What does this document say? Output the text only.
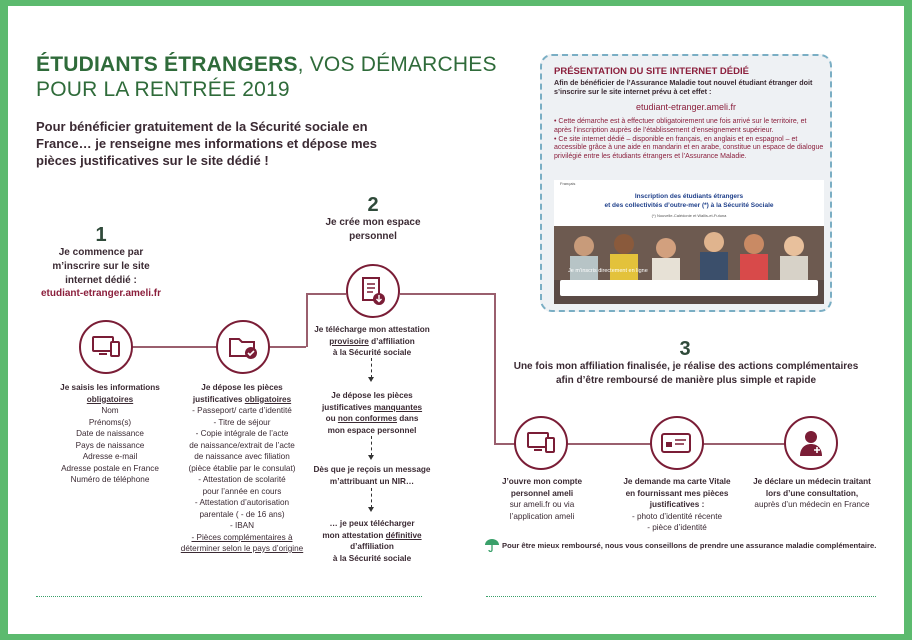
ÉTUDIANTS ÉTRANGERS, VOS DÉMARCHES
POUR LA RENTRÉE 2019
Pour bénéficier gratuitement de la Sécurité sociale en France… je renseigne mes informations et dépose mes pièces justificatives sur le site dédié !
1
Je commence par m’inscrire sur le site internet dédié :
etudiant-etranger.ameli.fr
Je saisis les informations
obligatoires
Nom
Prénoms(s)
Date de naissance
Pays de naissance
Adresse e-mail
Adresse postale en France
Numéro de téléphone
Je dépose les pièces
justificatives obligatoires
- Passeport/ carte d’identité
- Titre de séjour
- Copie intégrale de l’acte
de naissance/extrait de l’acte
de naissance avec filiation
(pièce établie par le consulat)
- Attestation de scolarité
pour l’année en cours
- Attestation d’autorisation
parentale ( - de 16 ans)
- IBAN
- Pièces complémentaires à
déterminer selon le pays d’origine
2
Je crée mon espace personnel
Je télécharge mon attestation
provisoire d’affiliation
à la Sécurité sociale
Je dépose les pièces
justificatives manquantes
ou non conformes dans
mon espace personnel
Dès que je reçois un message
m’attribuant un NIR…
… je peux télécharger
mon attestation définitive
d’affiliation
à la Sécurité sociale
3
Une fois mon affiliation finalisée, je réalise des actions complémentaires
afin d’être remboursé de manière plus simple et rapide
J’ouvre mon compte
personnel ameli
sur ameli.fr ou via
l’application ameli
Je demande ma carte Vitale
en fournissant mes pièces
justificatives :
- photo d’identité récente
- pièce d’identité
Je déclare un médecin traitant
lors d’une consultation,
auprès d’un médecin en France
Pour être mieux remboursé, nous vous conseillons de prendre une assurance maladie complémentaire.
PRÉSENTATION DU SITE INTERNET DÉDIÉ
Afin de bénéficier de l’Assurance Maladie tout nouvel étudiant étranger doit s’inscrire sur le site internet prévu à cet effet :
etudiant-etranger.ameli.fr
• Cette démarche est à effectuer obligatoirement une fois arrivé sur le territoire, et après l’inscription auprès de l’établissement d’enseignement supérieur.
• Ce site internet dédié – disponible en français, en anglais et en espagnol – et accessible grâce à une aide en mandarin et en arabe, constitue un espace de dialogue privilégié entre les étudiants étrangers et l’Assurance Maladie.
Français
Inscription des étudiants étrangers
et des collectivités d’outre-mer (*) à la Sécurité Sociale
(*) Nouvelle-Calédonie et Wallis-et-Futuna
Je m’inscris directement en ligne
